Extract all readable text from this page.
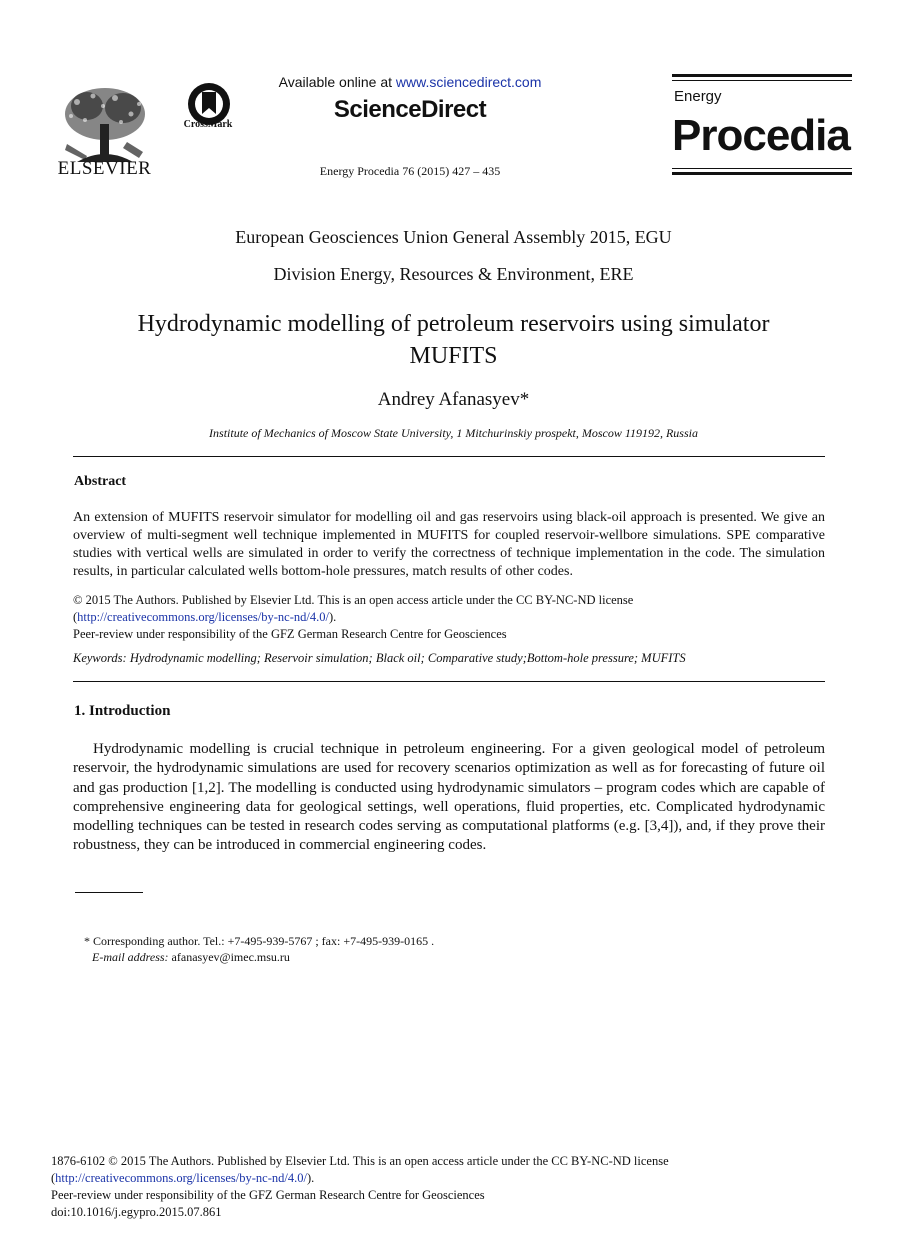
ELSEVIER
CrossMark
Available online at www.sciencedirect.com
ScienceDirect
Energy Procedia 76 (2015) 427 – 435
Energy
Procedia
European Geosciences Union General Assembly 2015, EGU
Division Energy, Resources & Environment, ERE
Hydrodynamic modelling of petroleum reservoirs using simulator
MUFITS
Andrey Afanasyev*
Institute of Mechanics of Moscow State University, 1 Mitchurinskiy prospekt, Moscow 119192, Russia
Abstract
An extension of MUFITS reservoir simulator for modelling oil and gas reservoirs using black-oil approach is presented. We give an overview of multi-segment well technique implemented in MUFITS for coupled reservoir-wellbore simulations. SPE comparative studies with vertical wells are simulated in order to verify the correctness of technique implementation in the code. The simulation results, in particular calculated wells bottom-hole pressures, match results of other codes.
© 2015 The Authors. Published by Elsevier Ltd. This is an open access article under the CC BY-NC-ND license
(http://creativecommons.org/licenses/by-nc-nd/4.0/).
Peer-review under responsibility of the GFZ German Research Centre for Geosciences
Keywords: Hydrodynamic modelling; Reservoir simulation; Black oil; Comparative study;Bottom-hole pressure; MUFITS
1. Introduction
Hydrodynamic modelling is crucial technique in petroleum engineering. For a given geological model of petroleum reservoir, the hydrodynamic simulations are used for recovery scenarios optimization as well as for forecasting of future oil and gas production [1,2]. The modelling is conducted using hydrodynamic simulators – program codes which are capable of comprehensive engineering data for geological settings, well operations, fluid properties, etc. Complicated hydrodynamic modelling techniques can be tested in research codes serving as computational platforms (e.g. [3,4]), and, if they prove their robustness, they can be introduced in commercial engineering codes.
* Corresponding author. Tel.: +7-495-939-5767 ; fax: +7-495-939-0165 .
E-mail address: afanasyev@imec.msu.ru
1876-6102 © 2015 The Authors. Published by Elsevier Ltd. This is an open access article under the CC BY-NC-ND license
(http://creativecommons.org/licenses/by-nc-nd/4.0/).
Peer-review under responsibility of the GFZ German Research Centre for Geosciences
doi:10.1016/j.egypro.2015.07.861
